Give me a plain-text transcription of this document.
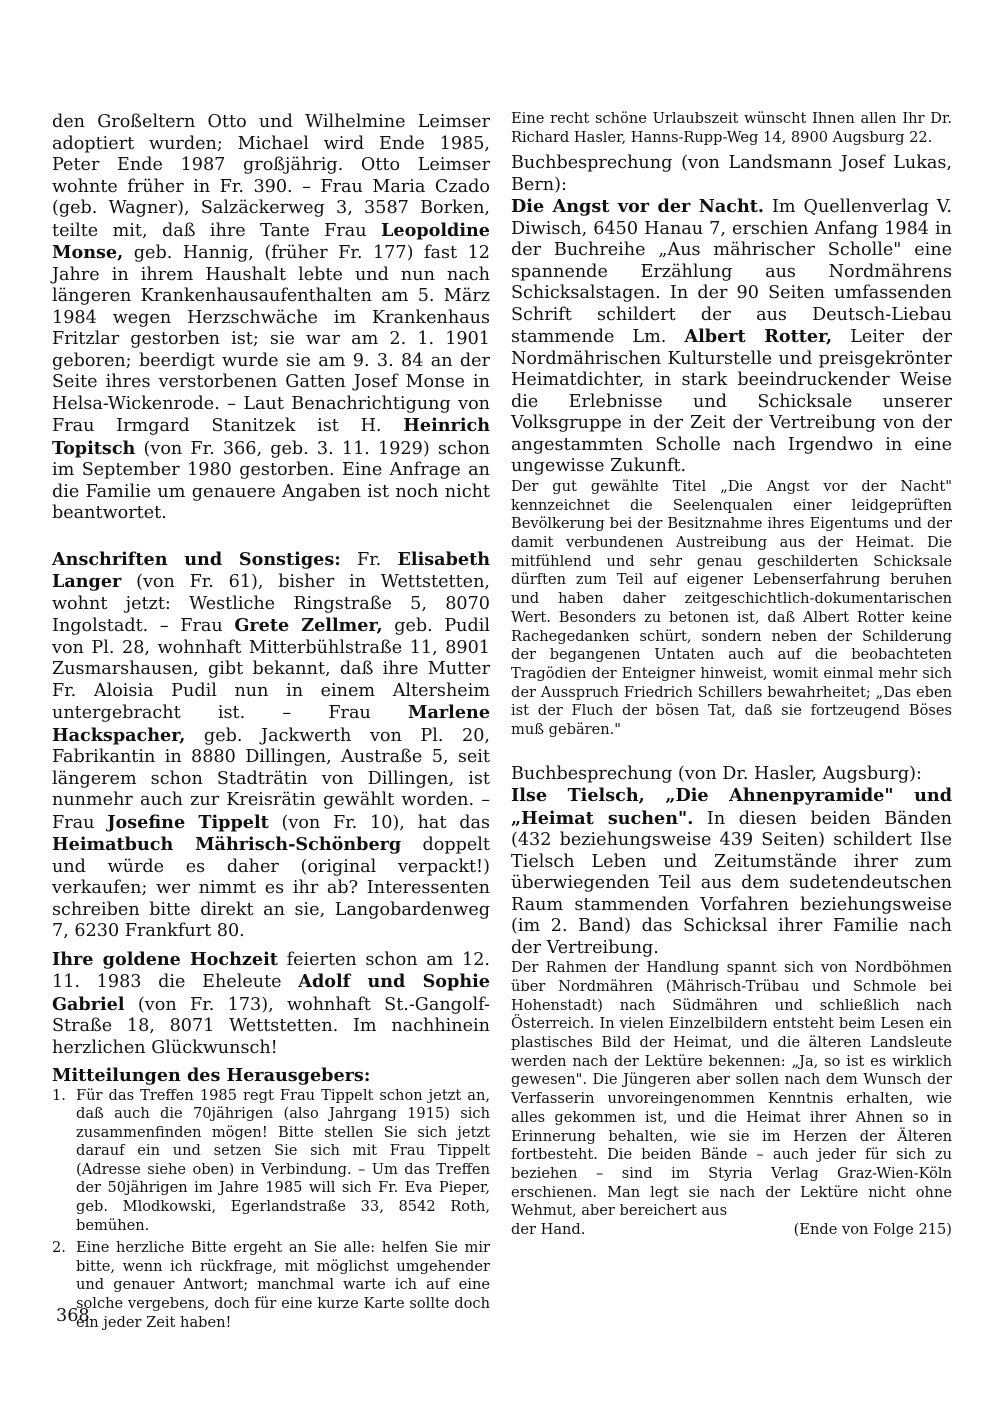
den Großeltern Otto und Wilhelmine Leimser adoptiert wurden; Michael wird Ende 1985, Peter Ende 1987 großjährig. Otto Leimser wohnte früher in Fr. 390. – Frau Maria Czado (geb. Wagner), Salzäckerweg 3, 3587 Borken, teilte mit, daß ihre Tante Frau Leopoldine Monse, geb. Hannig, (früher Fr. 177) fast 12 Jahre in ihrem Haushalt lebte und nun nach längeren Krankenhausaufenthalten am 5. März 1984 wegen Herzschwäche im Krankenhaus Fritzlar gestorben ist; sie war am 2. 1. 1901 geboren; beerdigt wurde sie am 9. 3. 84 an der Seite ihres verstorbenen Gatten Josef Monse in Helsa-Wickenrode. – Laut Benachrichtigung von Frau Irmgard Stanitzek ist H. Heinrich Topitsch (von Fr. 366, geb. 3. 11. 1929) schon im September 1980 gestorben. Eine Anfrage an die Familie um genauere Angaben ist noch nicht beantwortet.

Anschriften und Sonstiges: Fr. Elisabeth Langer (von Fr. 61), bisher in Wettstetten, wohnt jetzt: Westliche Ringstraße 5, 8070 Ingolstadt. – Frau Grete Zellmer, geb. Pudil von Pl. 28, wohnhaft Mitterbühlstraße 11, 8901 Zusmarshausen, gibt bekannt, daß ihre Mutter Fr. Aloisia Pudil nun in einem Altersheim untergebracht ist. – Frau Marlene Hackspacher, geb. Jackwerth von Pl. 20, Fabrikantin in 8880 Dillingen, Austraße 5, seit längerem schon Stadträtin von Dillingen, ist nunmehr auch zur Kreisrätin gewählt worden. – Frau Josefine Tippelt (von Fr. 10), hat das Heimatbuch Mährisch-Schönberg doppelt und würde es daher (original verpackt!) verkaufen; wer nimmt es ihr ab? Interessenten schreiben bitte direkt an sie, Langobardenweg 7, 6230 Frankfurt 80.

Ihre goldene Hochzeit feierten schon am 12. 11. 1983 die Eheleute Adolf und Sophie Gabriel (von Fr. 173), wohnhaft St.-Gangolf-Straße 18, 8071 Wettstetten. Im nachhinein herzlichen Glückwunsch!

Mitteilungen des Herausgebers:

1. Für das Treffen 1985 regt Frau Tippelt schon jetzt an, daß auch die 70jährigen (also Jahrgang 1915) sich zusammenfinden mögen! Bitte stellen Sie sich jetzt darauf ein und setzen Sie sich mit Frau Tippelt (Adresse siehe oben) in Verbindung. – Um das Treffen der 50jährigen im Jahre 1985 will sich Fr. Eva Pieper, geb. Mlodkowski, Egerlandstraße 33, 8542 Roth, bemühen.
2. Eine herzliche Bitte ergeht an Sie alle: helfen Sie mir bitte, wenn ich rückfrage, mit möglichst umgehender und genauer Antwort; manchmal warte ich auf eine solche vergebens, doch für eine kurze Karte sollte doch ein jeder Zeit haben!

Eine recht schöne Urlaubszeit wünscht Ihnen allen Ihr Dr. Richard Hasler, Hanns-Rupp-Weg 14, 8900 Augsburg 22.

Buchbesprechung (von Landsmann Josef Lukas, Bern):
Die Angst vor der Nacht. Im Quellenverlag V. Diwisch, 6450 Hanau 7, erschien Anfang 1984 in der Buchreihe „Aus mährischer Scholle" eine spannende Erzählung aus Nordmährens Schicksalstagen. In der 90 Seiten umfassenden Schrift schildert der aus Deutsch-Liebau stammende Lm. Albert Rotter, Leiter der Nordmährischen Kulturstelle und preisgekrönter Heimatdichter, in stark beeindruckender Weise die Erlebnisse und Schicksale unserer Volksgruppe in der Zeit der Vertreibung von der angestammten Scholle nach Irgendwo in eine ungewisse Zukunft.

Der gut gewählte Titel „Die Angst vor der Nacht" kennzeichnet die Seelenqualen einer leidgeprüften Bevölkerung bei der Besitznahme ihres Eigentums und der damit verbundenen Austreibung aus der Heimat. Die mitfühlend und sehr genau geschilderten Schicksale dürften zum Teil auf eigener Lebenserfahrung beruhen und haben daher zeitgeschichtlich-dokumentarischen Wert. Besonders zu betonen ist, daß Albert Rotter keine Rachegedanken schürt, sondern neben der Schilderung der begangenen Untaten auch auf die beobachteten Tragödien der Enteigner hinweist, womit einmal mehr sich der Ausspruch Friedrich Schillers bewahrheitet; „Das eben ist der Fluch der bösen Tat, daß sie fortzeugend Böses muß gebären."

Buchbesprechung (von Dr. Hasler, Augsburg):
Ilse Tielsch, „Die Ahnenpyramide" und „Heimat suchen". In diesen beiden Bänden (432 beziehungsweise 439 Seiten) schildert Ilse Tielsch Leben und Zeitumstände ihrer zum überwiegenden Teil aus dem sudetendeutschen Raum stammenden Vorfahren beziehungsweise (im 2. Band) das Schicksal ihrer Familie nach der Vertreibung.

Der Rahmen der Handlung spannt sich von Nordböhmen über Nordmähren (Mährisch-Trübau und Schmole bei Hohenstadt) nach Südmähren und schließlich nach Österreich. In vielen Einzelbildern entsteht beim Lesen ein plastisches Bild der Heimat, und die älteren Landsleute werden nach der Lektüre bekennen: „Ja, so ist es wirklich gewesen". Die Jüngeren aber sollen nach dem Wunsch der Verfasserin unvoreingenommen Kenntnis erhalten, wie alles gekommen ist, und die Heimat ihrer Ahnen so in Erinnerung behalten, wie sie im Herzen der Älteren fortbesteht. Die beiden Bände – auch jeder für sich zu beziehen – sind im Styria Verlag Graz-Wien-Köln erschienen. Man legt sie nach der Lektüre nicht ohne Wehmut, aber bereichert aus

der Hand.	(Ende von Folge 215)

368
